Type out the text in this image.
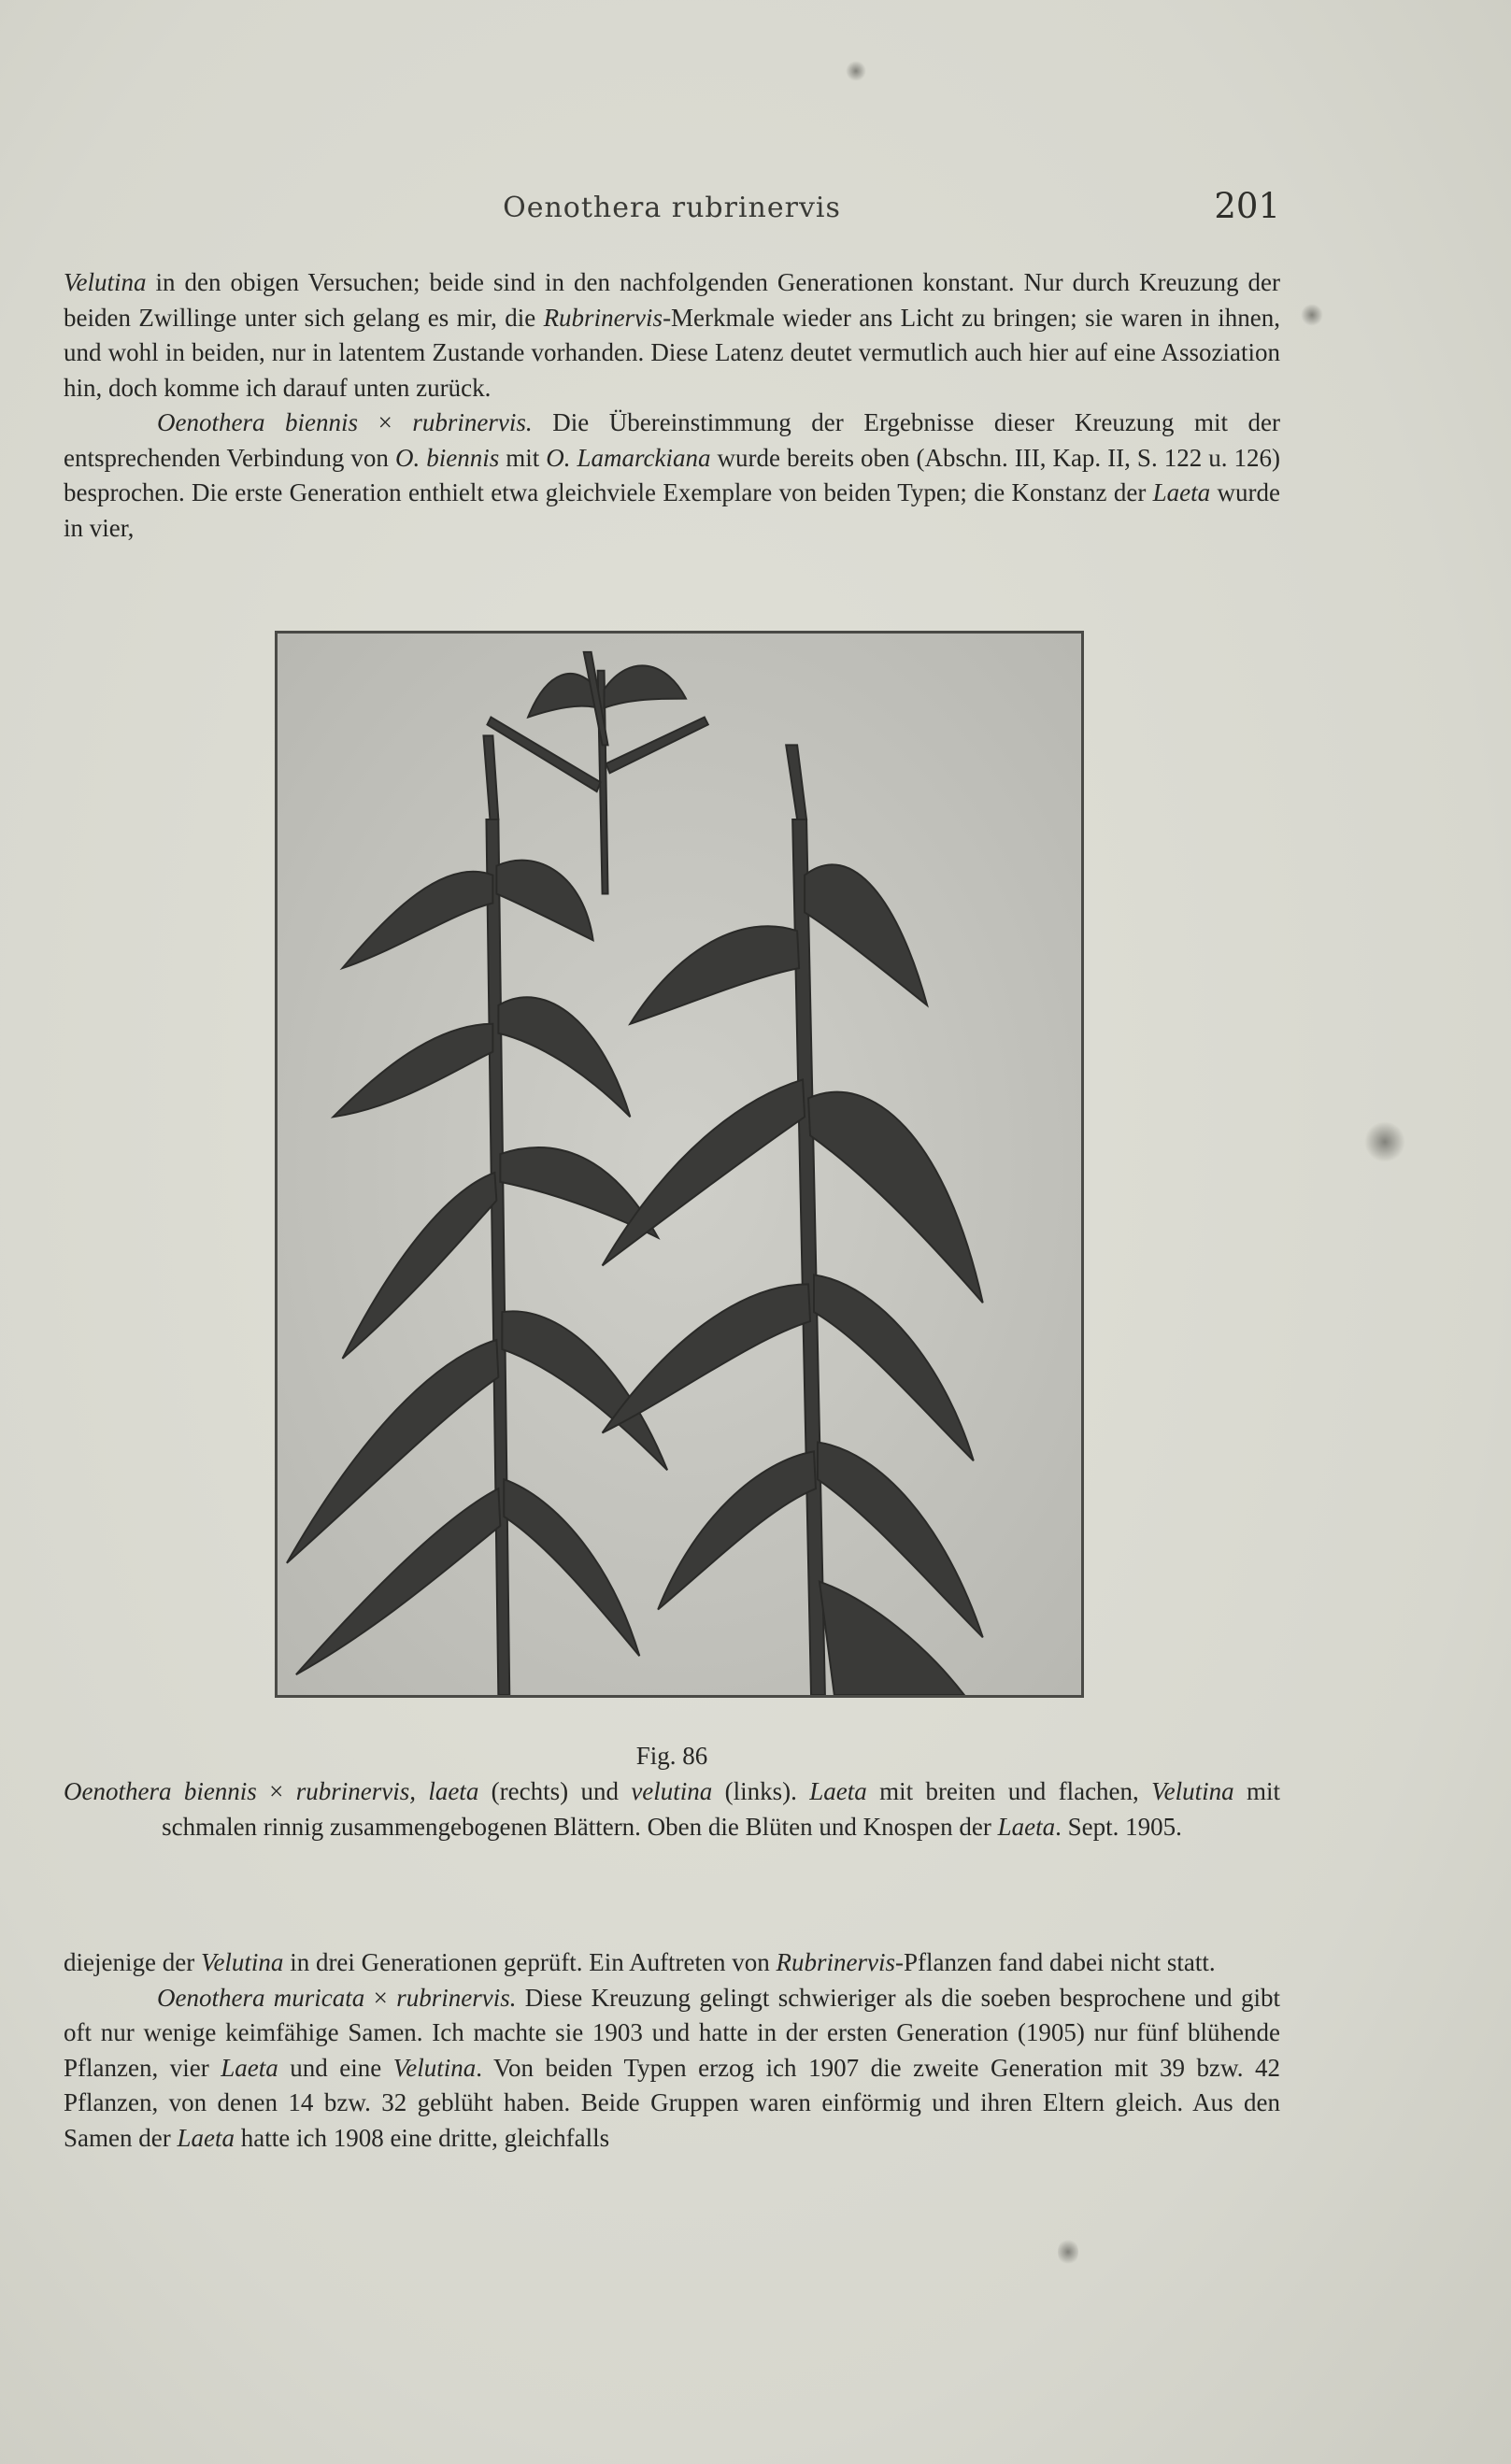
Oenothera rubrinervis	201

Velutina in den obigen Versuchen; beide sind in den nachfolgenden Generationen konstant. Nur durch Kreuzung der beiden Zwillinge unter sich gelang es mir, die Rubrinervis-Merkmale wieder ans Licht zu bringen; sie waren in ihnen, und wohl in beiden, nur in latentem Zustande vorhanden. Diese Latenz deutet vermutlich auch hier auf eine Assoziation hin, doch komme ich darauf unten zurück.

Oenothera biennis × rubrinervis. Die Übereinstimmung der Ergebnisse dieser Kreuzung mit der entsprechenden Verbindung von O. biennis mit O. Lamarckiana wurde bereits oben (Abschn. III, Kap. II, S. 122 u. 126) besprochen. Die erste Generation enthielt etwa gleichviele Exemplare von beiden Typen; die Konstanz der Laeta wurde in vier,

Fig. 86
Oenothera biennis × rubrinervis, laeta (rechts) und velutina (links). Laeta mit breiten und flachen, Velutina mit schmalen rinnig zusammengebogenen Blättern. Oben die Blüten und Knospen der Laeta. Sept. 1905.

diejenige der Velutina in drei Generationen geprüft. Ein Auftreten von Rubrinervis-Pflanzen fand dabei nicht statt.

Oenothera muricata × rubrinervis. Diese Kreuzung gelingt schwieriger als die soeben besprochene und gibt oft nur wenige keimfähige Samen. Ich machte sie 1903 und hatte in der ersten Generation (1905) nur fünf blühende Pflanzen, vier Laeta und eine Velutina. Von beiden Typen erzog ich 1907 die zweite Generation mit 39 bzw. 42 Pflanzen, von denen 14 bzw. 32 geblüht haben. Beide Gruppen waren einförmig und ihren Eltern gleich. Aus den Samen der Laeta hatte ich 1908 eine dritte, gleichfalls
